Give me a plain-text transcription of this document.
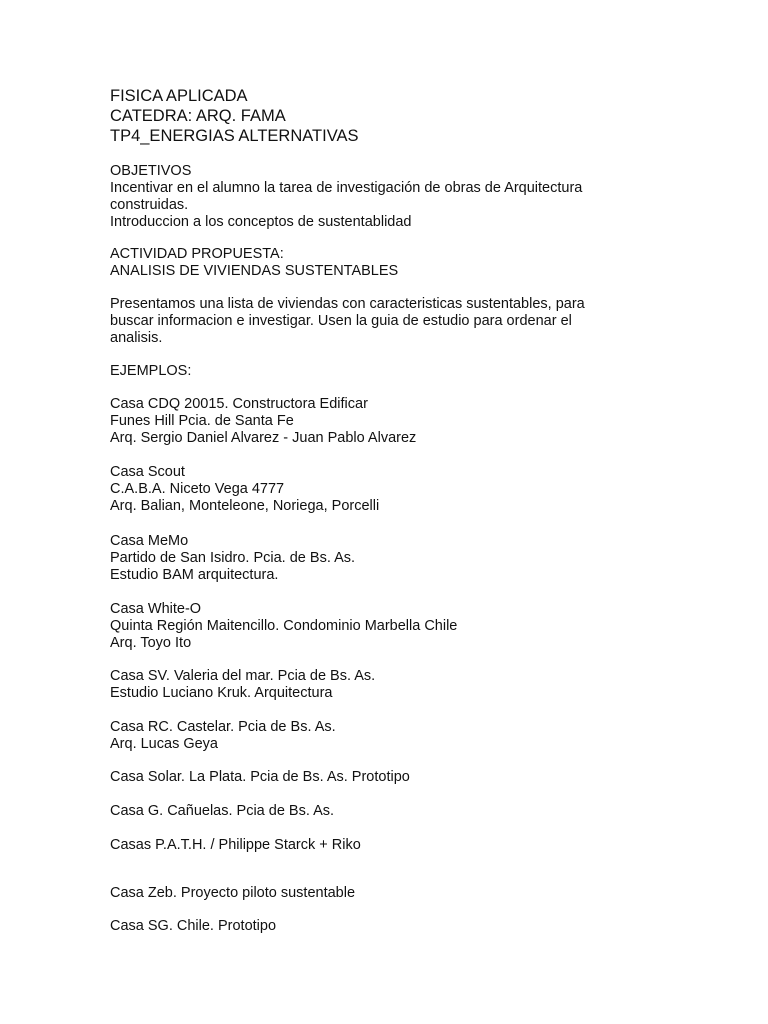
FISICA APLICADA

CATEDRA: ARQ. FAMA

TP4_ENERGIAS ALTERNATIVAS

OBJETIVOS

Incentivar en el alumno la tarea de investigación de obras de Arquitectura

construidas.

Introduccion a los conceptos de sustentablidad

ACTIVIDAD PROPUESTA:

ANALISIS DE VIVIENDAS SUSTENTABLES

Presentamos una lista de viviendas con caracteristicas sustentables, para

buscar informacion e investigar. Usen la guia de estudio para ordenar el

analisis.

EJEMPLOS:

Casa CDQ 20015. Constructora Edificar

Funes Hill Pcia. de Santa Fe

Arq. Sergio Daniel Alvarez - Juan Pablo Alvarez

Casa Scout

C.A.B.A. Niceto Vega 4777

Arq. Balian, Monteleone, Noriega, Porcelli

Casa MeMo

Partido de San Isidro. Pcia. de Bs. As.

Estudio BAM arquitectura.

Casa White-O

Quinta Región Maitencillo. Condominio Marbella Chile

Arq. Toyo Ito

Casa SV. Valeria del mar. Pcia de Bs. As.

Estudio Luciano Kruk. Arquitectura

Casa RC. Castelar. Pcia de Bs. As.

Arq. Lucas Geya

Casa Solar. La Plata. Pcia de Bs. As. Prototipo

Casa G. Cañuelas. Pcia de Bs. As.

Casas P.A.T.H. / Philippe Starck + Riko

Casa Zeb. Proyecto piloto sustentable

Casa SG. Chile. Prototipo
